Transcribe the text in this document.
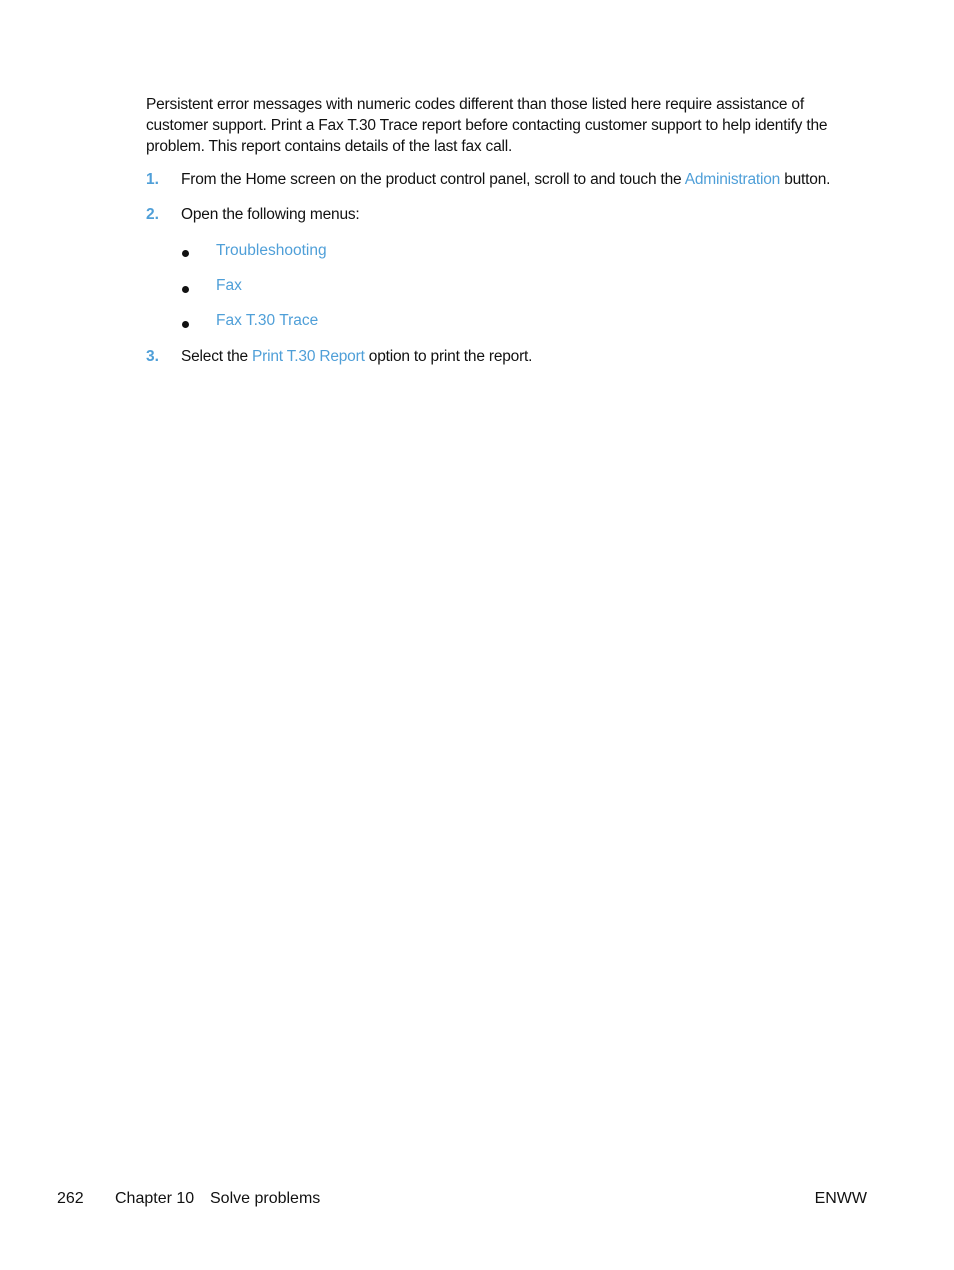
Persistent error messages with numeric codes different than those listed here require assistance of customer support. Print a Fax T.30 Trace report before contacting customer support to help identify the problem. This report contains details of the last fax call.
1. From the Home screen on the product control panel, scroll to and touch the Administration button.
2. Open the following menus:
Troubleshooting
Fax
Fax T.30 Trace
3. Select the Print T.30 Report option to print the report.
262 Chapter 10 Solve problems	ENWW
